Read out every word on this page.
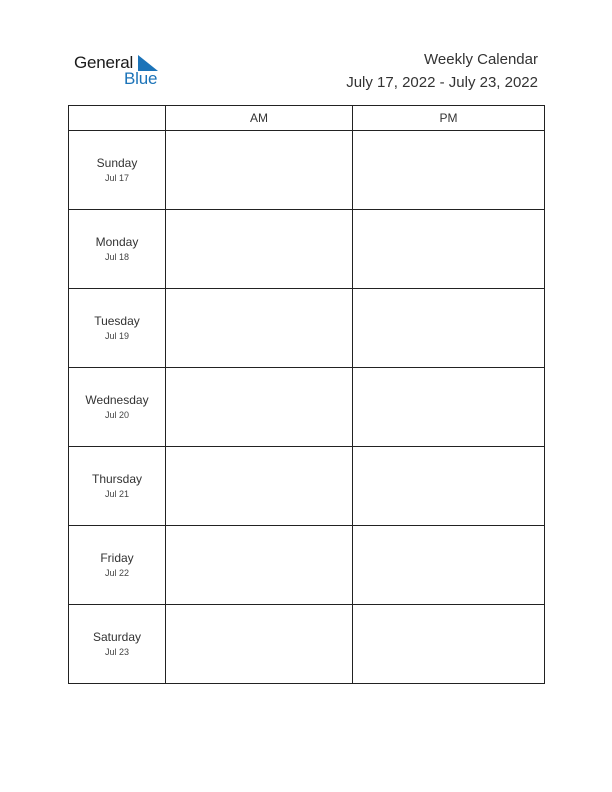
General
Blue
Weekly Calendar
July 17, 2022 - July 23, 2022
	AM	PM

Sunday
Jul 17		

Monday
Jul 18		

Tuesday
Jul 19		

Wednesday
Jul 20		

Thursday
Jul 21		

Friday
Jul 22		

Saturday
Jul 23		
